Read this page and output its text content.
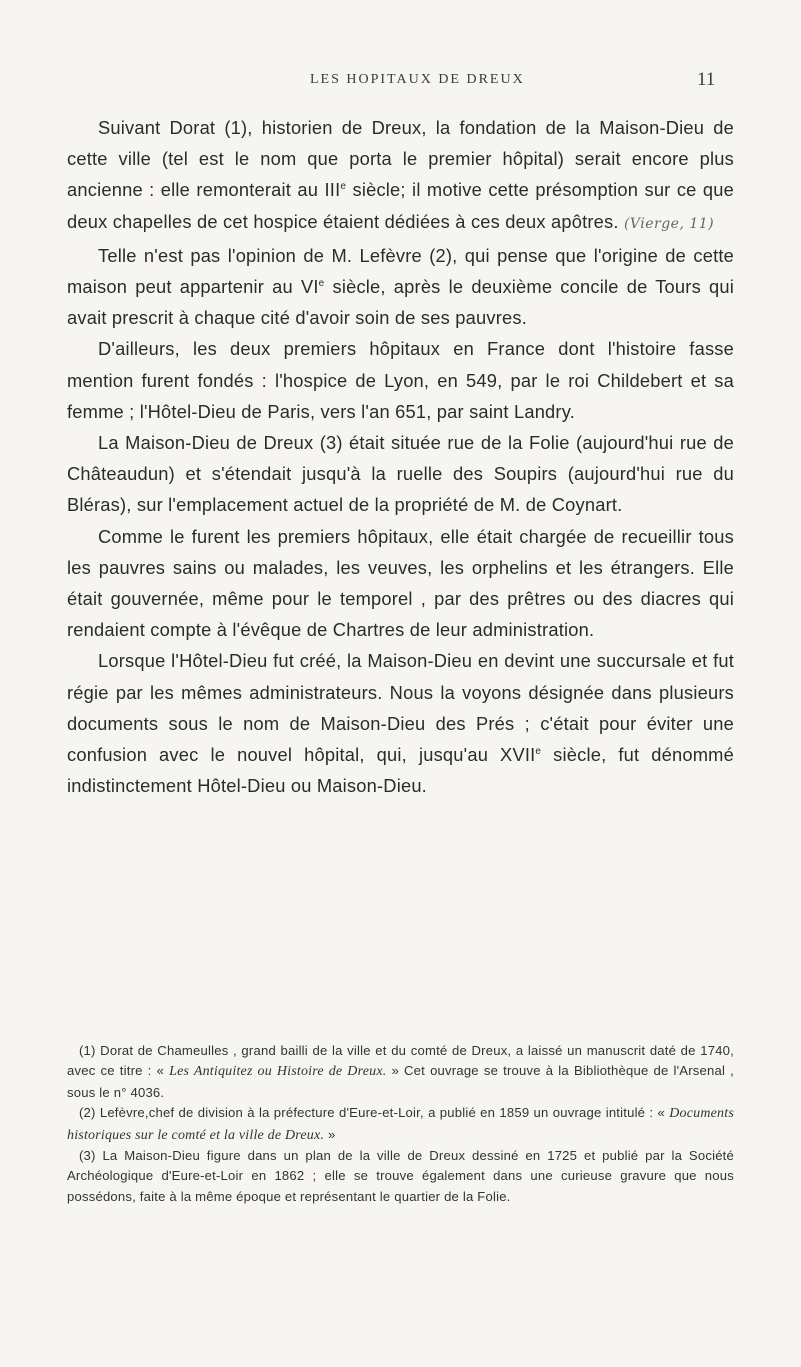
LES HOPITAUX DE DREUX	11

Suivant Dorat (1), historien de Dreux, la fondation de la Maison-Dieu de cette ville (tel est le nom que porta le premier hôpital) serait encore plus ancienne : elle remonterait au IIIe siècle; il motive cette présomption sur ce que deux chapelles de cet hospice étaient dédiées à ces deux apôtres. (Vierge, 11)

Telle n'est pas l'opinion de M. Lefèvre (2), qui pense que l'origine de cette maison peut appartenir au VIe siècle, après le deuxième concile de Tours qui avait prescrit à chaque cité d'avoir soin de ses pauvres.

D'ailleurs, les deux premiers hôpitaux en France dont l'histoire fasse mention furent fondés : l'hospice de Lyon, en 549, par le roi Childebert et sa femme ; l'Hôtel-Dieu de Paris, vers l'an 651, par saint Landry.

La Maison-Dieu de Dreux (3) était située rue de la Folie (aujourd'hui rue de Châteaudun) et s'étendait jusqu'à la ruelle des Soupirs (aujourd'hui rue du Bléras), sur l'emplacement actuel de la propriété de M. de Coynart.

Comme le furent les premiers hôpitaux, elle était chargée de recueillir tous les pauvres sains ou malades, les veuves, les orphelins et les étrangers. Elle était gouvernée, même pour le temporel , par des prêtres ou des diacres qui rendaient compte à l'évêque de Chartres de leur administration.

Lorsque l'Hôtel-Dieu fut créé, la Maison-Dieu en devint une succursale et fut régie par les mêmes administrateurs. Nous la voyons désignée dans plusieurs documents sous le nom de Maison-Dieu des Prés ; c'était pour éviter une confusion avec le nouvel hôpital, qui, jusqu'au XVIIe siècle, fut dénommé indistinctement Hôtel-Dieu ou Maison-Dieu.

(1) Dorat de Chameulles , grand bailli de la ville et du comté de Dreux, a laissé un manuscrit daté de 1740, avec ce titre : « Les Antiquitez ou Histoire de Dreux. » Cet ouvrage se trouve à la Bibliothèque de l'Arsenal , sous le n° 4036.

(2) Lefèvre,chef de division à la préfecture d'Eure-et-Loir, a publié en 1859 un ouvrage intitulé : « Documents historiques sur le comté et la ville de Dreux. »

(3) La Maison-Dieu figure dans un plan de la ville de Dreux dessiné en 1725 et publié par la Société Archéologique d'Eure-et-Loir en 1862 ; elle se trouve également dans une curieuse gravure que nous possédons, faite à la même époque et représentant le quartier de la Folie.
